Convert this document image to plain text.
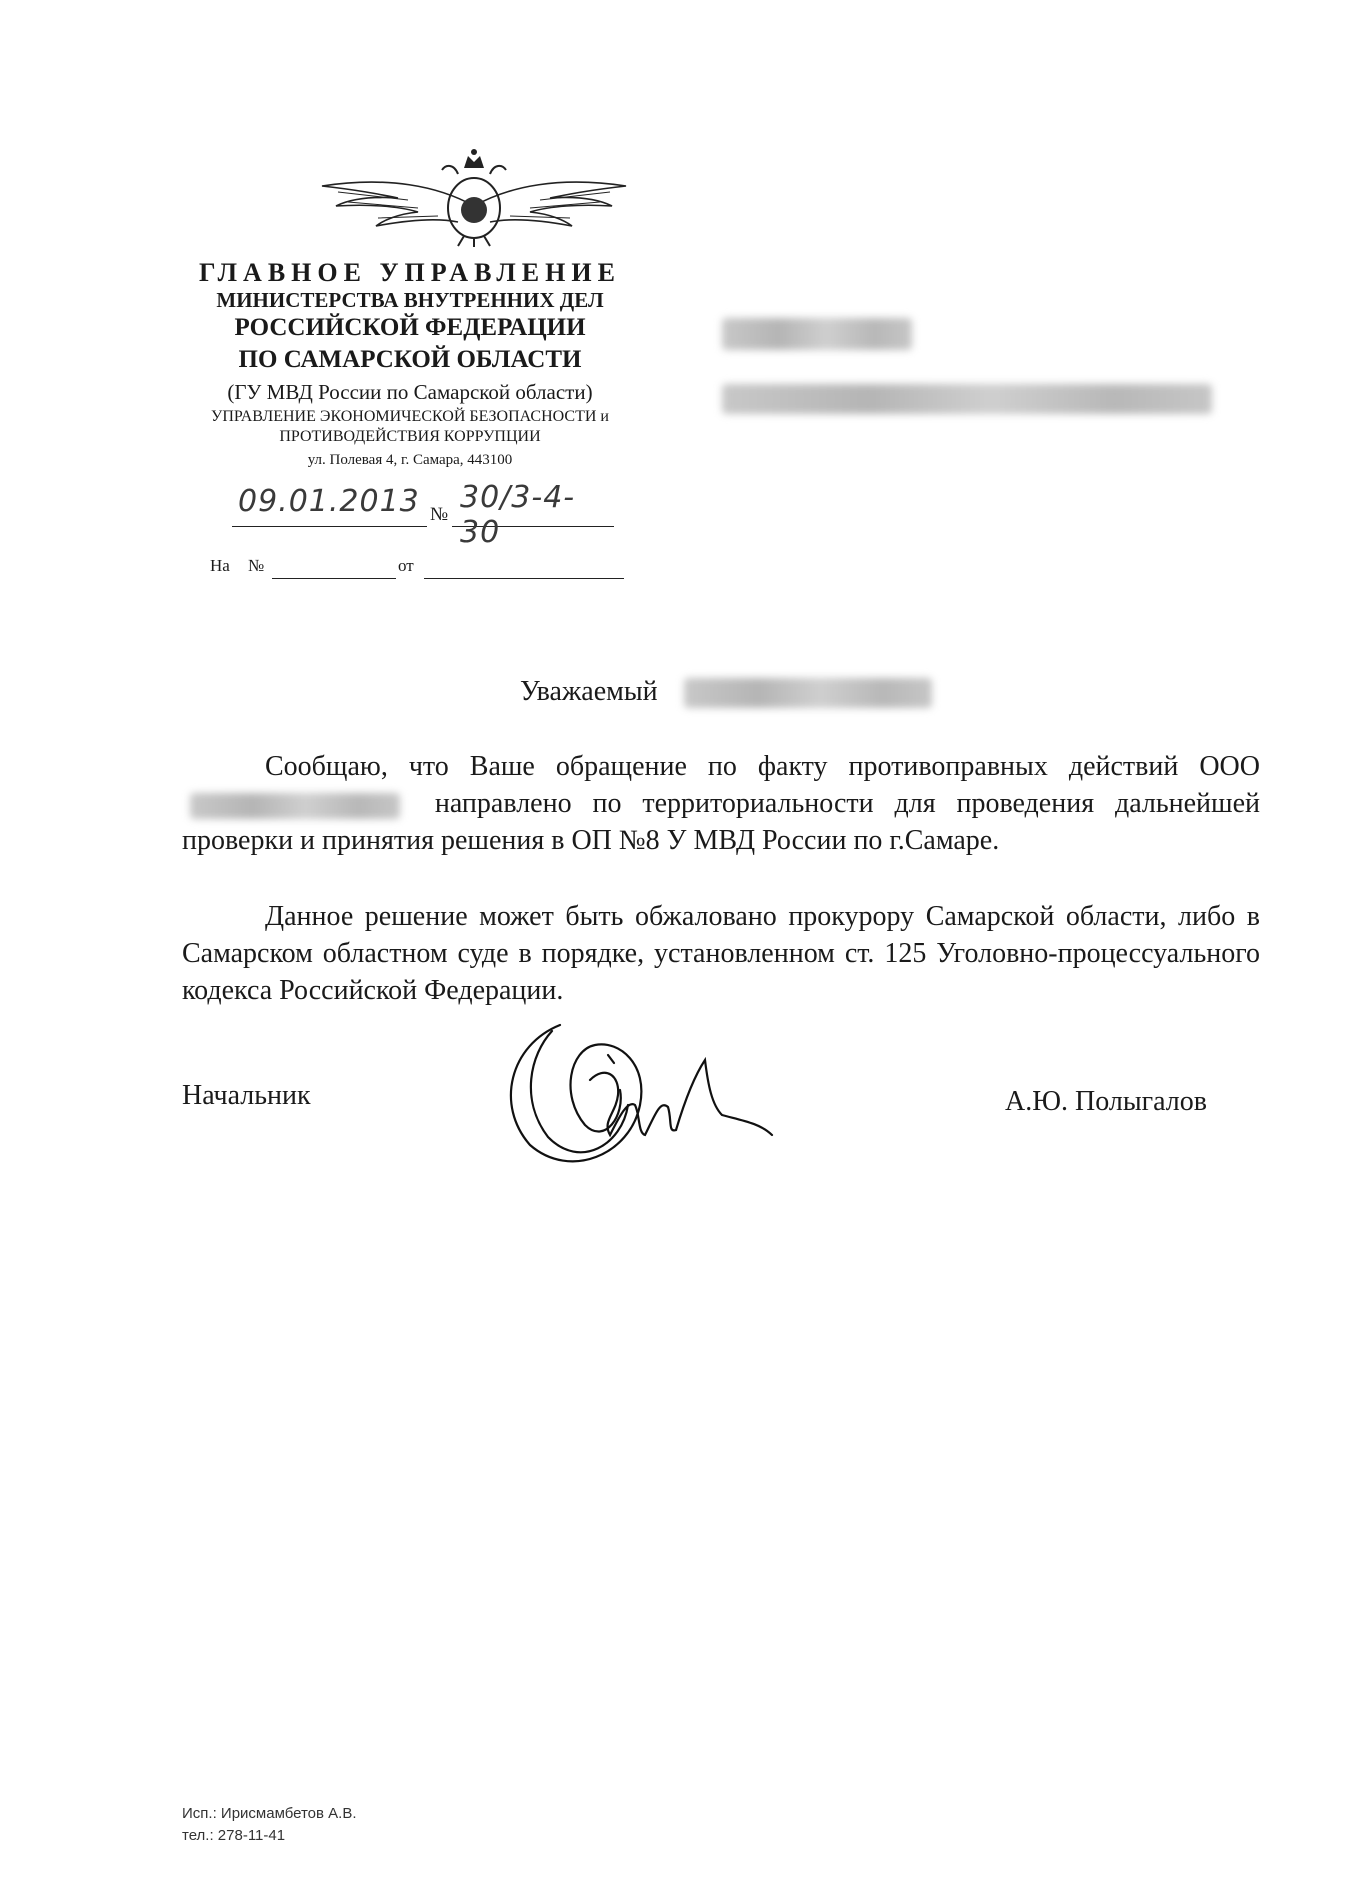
ГЛАВНОЕ УПРАВЛЕНИЕ
МИНИСТЕРСТВА ВНУТРЕННИХ ДЕЛ
РОССИЙСКОЙ ФЕДЕРАЦИИ
ПО САМАРСКОЙ ОБЛАСТИ
(ГУ МВД России по Самарской области)
УПРАВЛЕНИЕ ЭКОНОМИЧЕСКОЙ БЕЗОПАСНОСТИ и
ПРОТИВОДЕЙСТВИЯ КОРРУПЦИИ
ул. Полевая 4, г. Самара, 443100
09.01.2013 № 30/3-4-30
На №	от
Уважаемый
Сообщаю, что Ваше обращение по факту противоправных действий ООО  направлено по территориальности для проведения дальнейшей проверки и принятия решения в ОП №8 У МВД России по г.Самаре.
Данное решение может быть обжаловано прокурору Самарской области, либо в Самарском областном суде в порядке, установленном ст. 125 Уголовно-процессуального кодекса Российской Федерации.
Начальник	А.Ю. Полыгалов
Исп.: Ирисмамбетов А.В.
тел.: 278-11-41
